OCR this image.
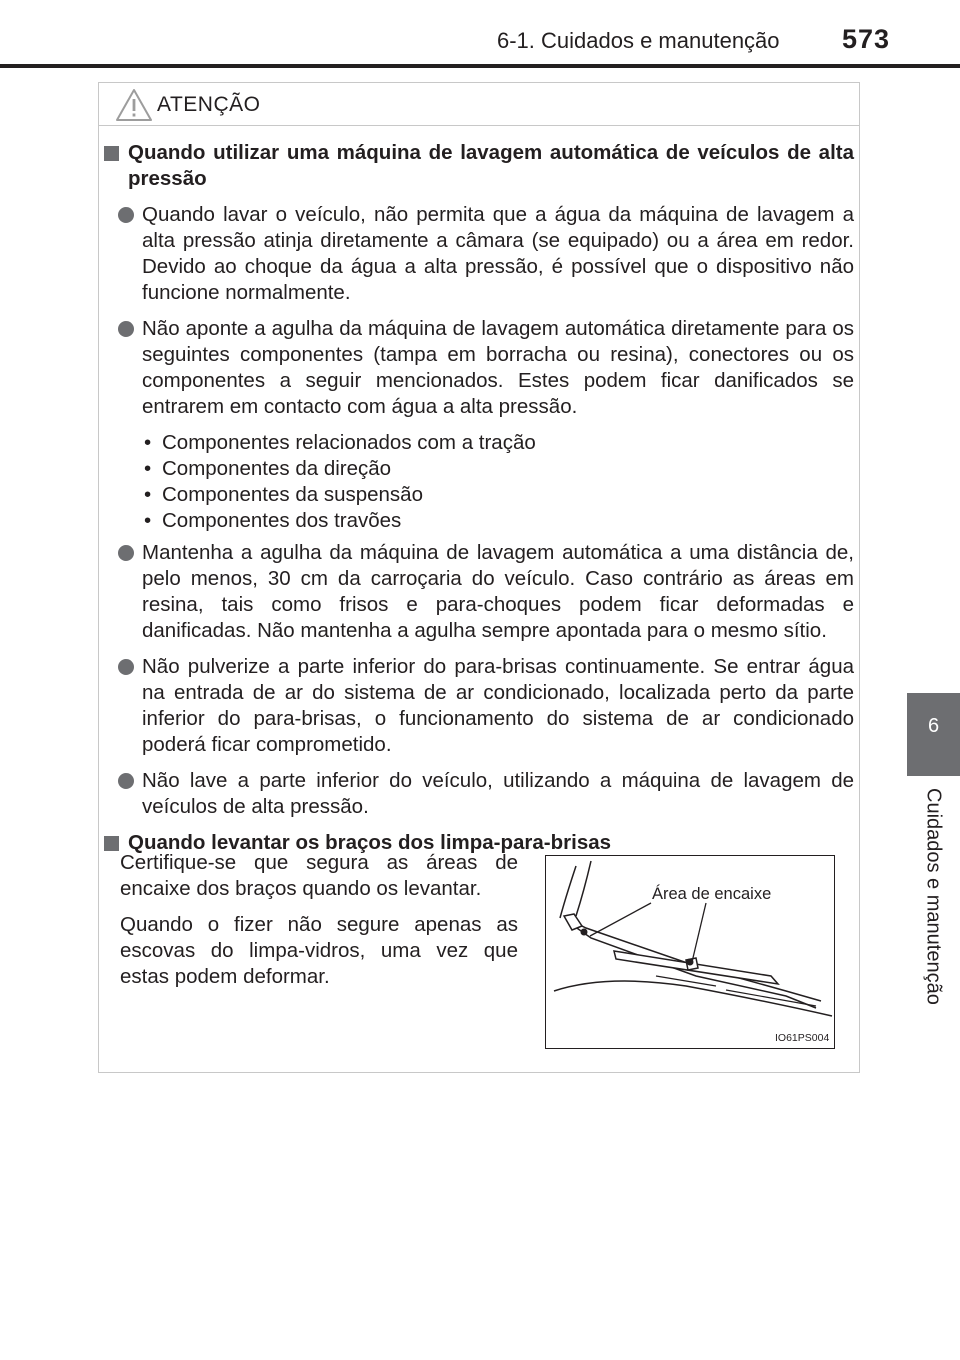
6-1. Cuidados e manutenção 573
6
Cuidados e manutenção
ATENÇÃO

Quando utilizar uma máquina de lavagem automática de veículos de alta pressão

Quando lavar o veículo, não permita que a água da máquina de lavagem a alta pressão atinja diretamente a câmara (se equipado) ou a área em redor. Devido ao choque da água a alta pressão, é possível que o dispositivo não funcione normalmente.

Não aponte a agulha da máquina de lavagem automática diretamente para os seguintes componentes (tampa em borracha ou resina), conectores ou os componentes a seguir mencionados. Estes podem ficar danificados se entrarem em contacto com água a alta pressão.

• Componentes relacionados com a tração

• Componentes da direção

• Componentes da suspensão

• Componentes dos travões

Mantenha a agulha da máquina de lavagem automática a uma distância de, pelo menos, 30 cm da carroçaria do veículo. Caso contrário as áreas em resina, tais como frisos e para-choques podem ficar deformadas e danificadas. Não mantenha a agulha sempre apontada para o mesmo sítio.

Não pulverize a parte inferior do para-brisas continuamente. Se entrar água na entrada de ar do sistema de ar condicionado, localizada perto da parte inferior do para-brisas, o funcionamento do sistema de ar condicionado poderá ficar comprometido.

Não lave a parte inferior do veículo, utilizando a máquina de lavagem de veículos de alta pressão.

Quando levantar os braços dos limpa-para-brisas

Certifique-se que segura as áreas de encaixe dos braços quando os levantar.

Quando o fizer não segure apenas as escovas do limpa-vidros, uma vez que estas podem deformar.

Área de encaixe
IO61PS004
